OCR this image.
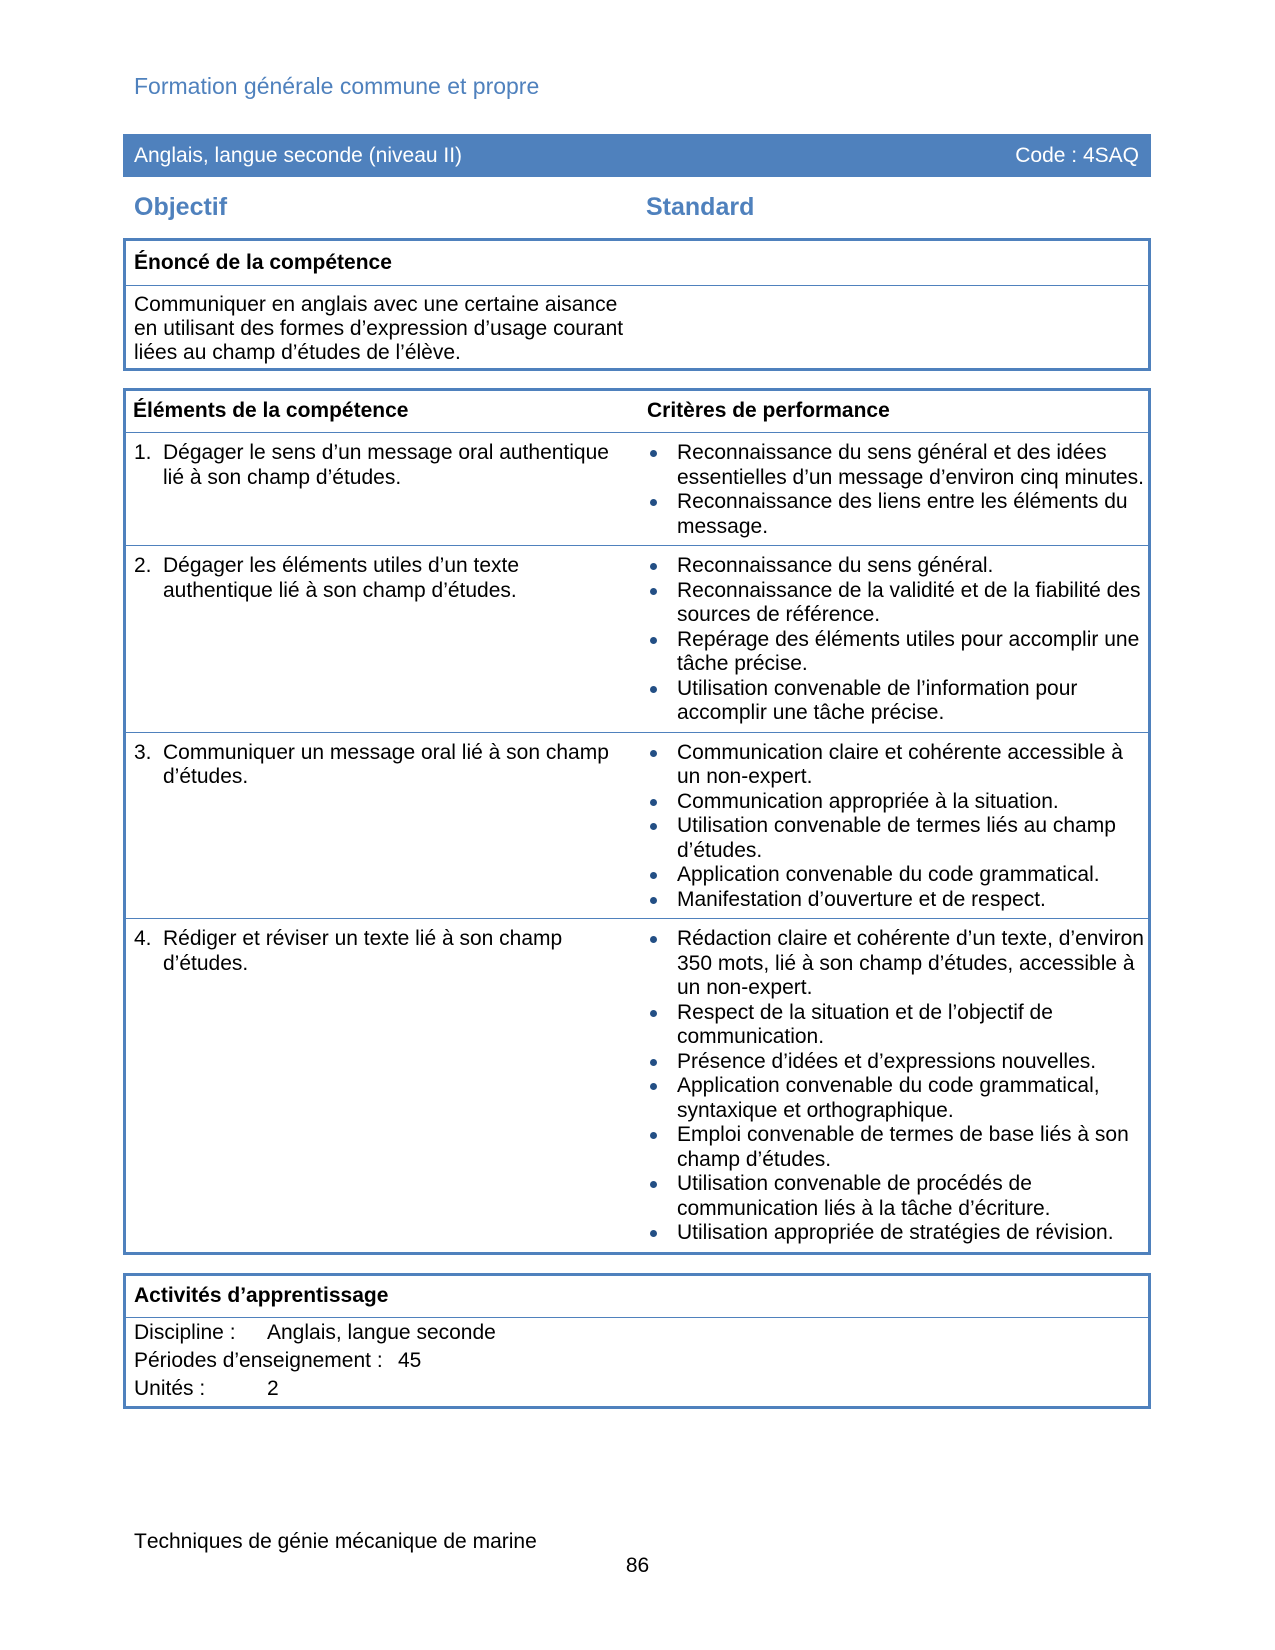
Formation générale commune et propre
Anglais, langue seconde (niveau II)	Code : 4SAQ
Objectif	Standard
Énoncé de la compétence

Communiquer en anglais avec une certaine aisance en utilisant des formes d’expression d’usage courant liées au champ d’études de l’élève.

Éléments de la compétence	Critères de performance
1. Dégager le sens d’un message oral authentique lié à son champ d’études.
Reconnaissance du sens général et des idées essentielles d’un message d’environ cinq minutes.
Reconnaissance des liens entre les éléments du message.
2. Dégager les éléments utiles d’un texte authentique lié à son champ d’études.
Reconnaissance du sens général.
Reconnaissance de la validité et de la fiabilité des sources de référence.
Repérage des éléments utiles pour accomplir une tâche précise.
Utilisation convenable de l’information pour accomplir une tâche précise.
3. Communiquer un message oral lié à son champ d’études.
Communication claire et cohérente accessible à un non-expert.
Communication appropriée à la situation.
Utilisation convenable de termes liés au champ d’études.
Application convenable du code grammatical.
Manifestation d’ouverture et de respect.
4. Rédiger et réviser un texte lié à son champ d’études.
Rédaction claire et cohérente d’un texte, d’environ 350 mots, lié à son champ d’études, accessible à un non-expert.
Respect de la situation et de l’objectif de communication.
Présence d’idées et d’expressions nouvelles.
Application convenable du code grammatical, syntaxique et orthographique.
Emploi convenable de termes de base liés à son champ d’études.
Utilisation convenable de procédés de communication liés à la tâche d’écriture.
Utilisation appropriée de stratégies de révision.
Activités d’apprentissage
Discipline :	Anglais, langue seconde
Périodes d’enseignement : 45
Unités :	2
Techniques de génie mécanique de marine
86
